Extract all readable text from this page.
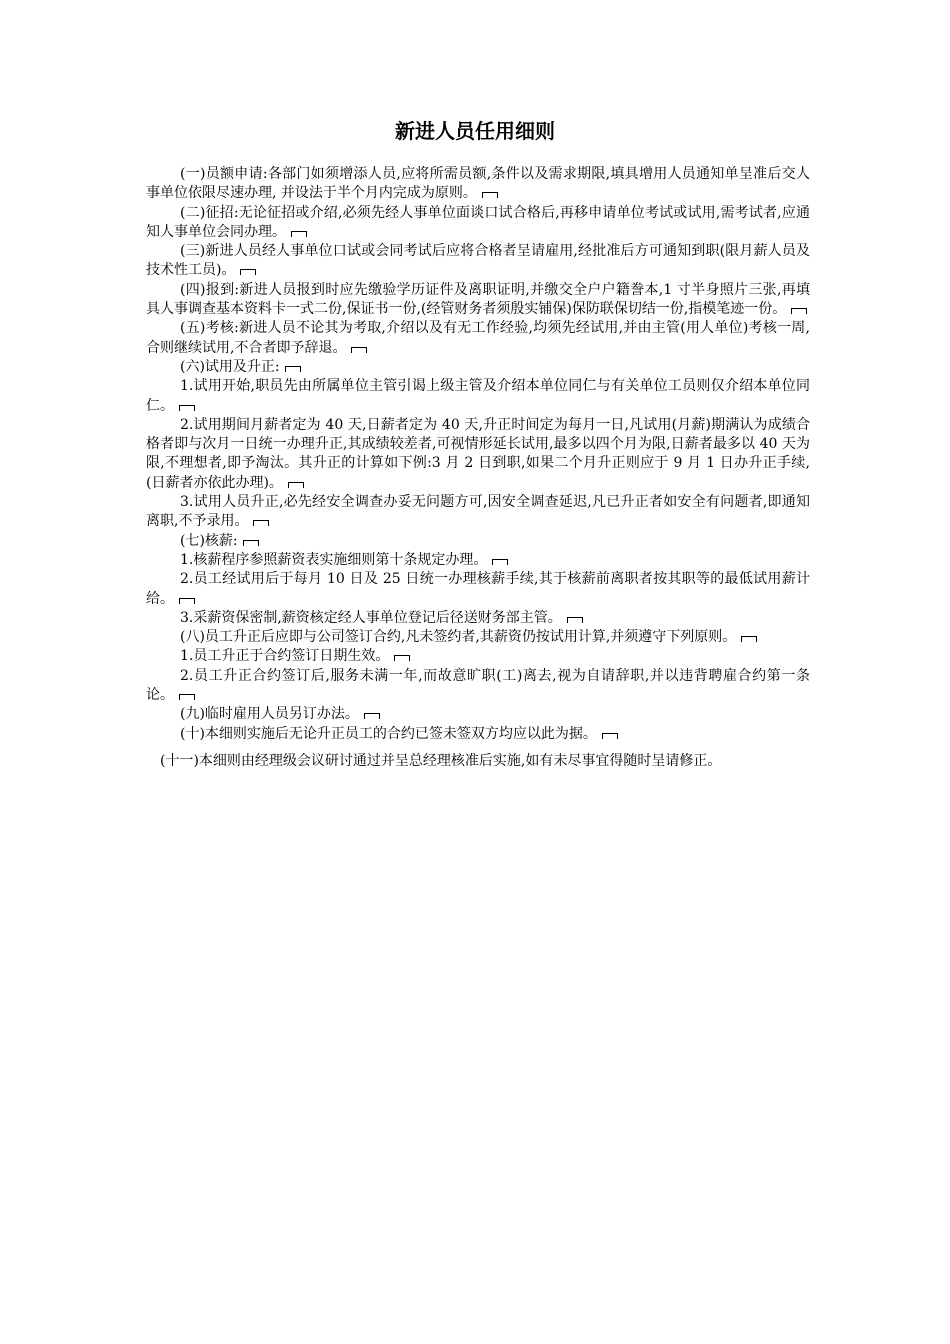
新进人员任用细则

(一)员额申请:各部门如须增添人员,应将所需员额,条件以及需求期限,填具增用人员通知单呈准后交人事单位依限尽速办理, 并设法于半个月内完成为原则。

(二)征招:无论征招或介绍,必须先经人事单位面谈口试合格后,再移申请单位考试或试用,需考试者,应通知人事单位会同办理。

(三)新进人员经人事单位口试或会同考试后应将合格者呈请雇用,经批准后方可通知到职(限月薪人员及技术性工员)。

(四)报到:新进人员报到时应先缴验学历证件及离职证明,并缴交全户户籍誊本,1 寸半身照片三张,再填具人事调查基本资料卡一式二份,保证书一份,(经管财务者须殷实铺保)保防联保切结一份,指模笔迹一份。

(五)考核:新进人员不论其为考取,介绍以及有无工作经验,均须先经试用,并由主管(用人单位)考核一周,合则继续试用,不合者即予辞退。

(六)试用及升正:

1.试用开始,职员先由所属单位主管引谒上级主管及介绍本单位同仁与有关单位工员则仅介绍本单位同仁。

2.试用期间月薪者定为 40 天,日薪者定为 40 天,升正时间定为每月一日,凡试用(月薪)期满认为成绩合格者即与次月一日统一办理升正,其成绩较差者,可视情形延长试用,最多以四个月为限,日薪者最多以 40 天为限,不理想者,即予淘汰。其升正的计算如下例:3 月 2 日到职,如果二个月升正则应于 9 月 1 日办升正手续,(日薪者亦依此办理)。

3.试用人员升正,必先经安全调查办妥无问题方可,因安全调查延迟,凡已升正者如安全有问题者,即通知离职,不予录用。

(七)核薪:

1.核薪程序参照薪资表实施细则第十条规定办理。

2.员工经试用后于每月 10 日及 25 日统一办理核薪手续,其于核薪前离职者按其职等的最低试用薪计给。

3.采薪资保密制,薪资核定经人事单位登记后径送财务部主管。

(八)员工升正后应即与公司签订合约,凡未签约者,其薪资仍按试用计算,并须遵守下列原则。

1.员工升正于合约签订日期生效。

2.员工升正合约签订后,服务未满一年,而故意旷职(工)离去,视为自请辞职,并以违背聘雇合约第一条论。

(九)临时雇用人员另订办法。

(十)本细则实施后无论升正员工的合约已签未签双方均应以此为据。

(十一)本细则由经理级会议研讨通过并呈总经理核准后实施,如有未尽事宜得随时呈请修正。
